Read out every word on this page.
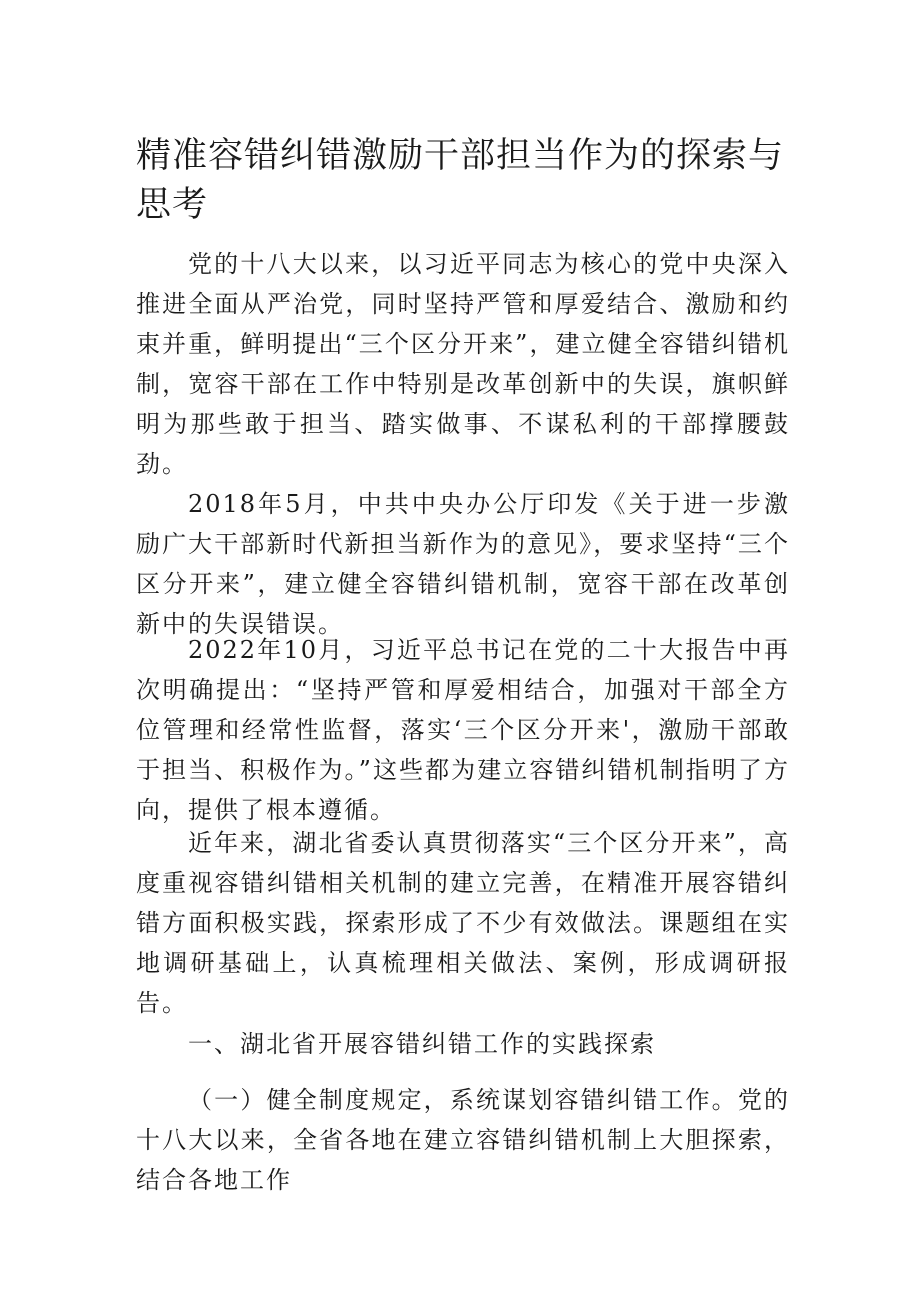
精准容错纠错激励干部担当作为的探索与思考

党的十八大以来，以习近平同志为核心的党中央深入推进全面从严治党，同时坚持严管和厚爱结合、激励和约束并重，鲜明提出“三个区分开来”，建立健全容错纠错机制，宽容干部在工作中特别是改革创新中的失误，旗帜鲜明为那些敢于担当、踏实做事、不谋私利的干部撑腰鼓劲。

2018年5月，中共中央办公厅印发《关于进一步激励广大干部新时代新担当新作为的意见》，要求坚持“三个区分开来”，建立健全容错纠错机制，宽容干部在改革创新中的失误错误。

2022年10月，习近平总书记在党的二十大报告中再次明确提出：“坚持严管和厚爱相结合，加强对干部全方位管理和经常性监督，落实‘三个区分开来'，激励干部敢于担当、积极作为。”这些都为建立容错纠错机制指明了方向，提供了根本遵循。

近年来，湖北省委认真贯彻落实“三个区分开来”，高度重视容错纠错相关机制的建立完善，在精准开展容错纠错方面积极实践，探索形成了不少有效做法。课题组在实地调研基础上，认真梳理相关做法、案例，形成调研报告。

一、湖北省开展容错纠错工作的实践探索

（一）健全制度规定，系统谋划容错纠错工作。党的十八大以来，全省各地在建立容错纠错机制上大胆探索，结合各地工作
